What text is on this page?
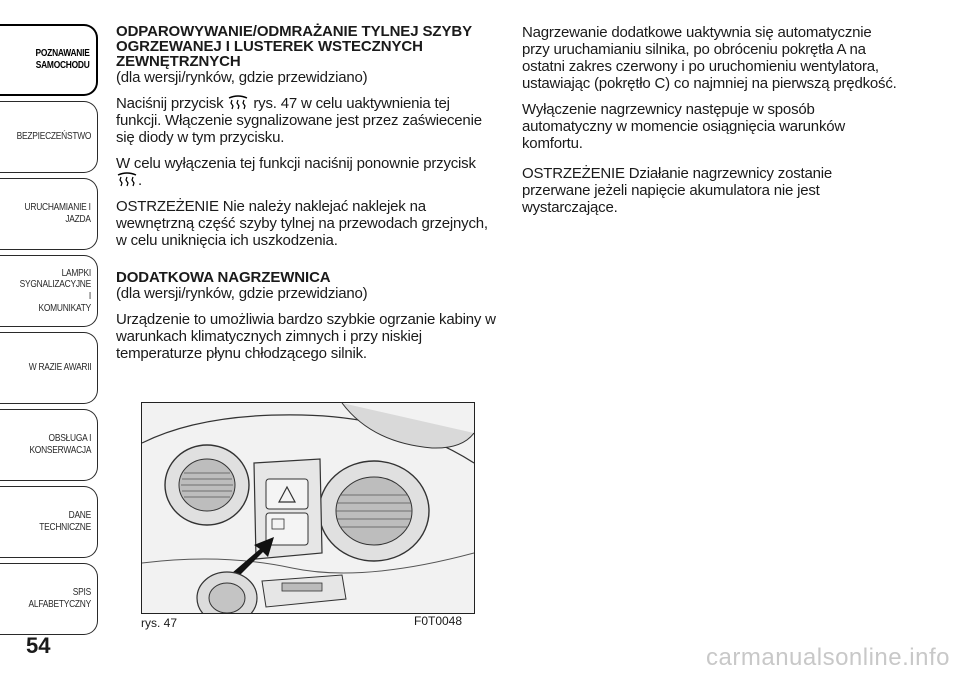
POZNAWANIE
SAMOCHODU
BEZPIECZEŃSTWO
URUCHAMIANIE I
JAZDA
LAMPKI
SYGNALIZACYJNE I
KOMUNIKATY
W RAZIE AWARII
OBSŁUGA I
KONSERWACJA
DANE TECHNICZNE
SPIS ALFABETYCZNY
54
ODPAROWYWANIE/ODMRAŻANIE TYLNEJ SZYBY OGRZEWANEJ I LUSTEREK WSTECZNYCH ZEWNĘTRZNYCH

(dla wersji/rynków, gdzie przewidziano)

Naciśnij przycisk  rys. 47 w celu uaktywnienia tej funkcji. Włączenie sygnalizowane jest przez zaświecenie się diody w tym przycisku.

W celu wyłączenia tej funkcji naciśnij ponownie przycisk .

OSTRZEŻENIE Nie należy naklejać naklejek na wewnętrzną część szyby tylnej na przewodach grzejnych, w celu uniknięcia ich uszkodzenia.

DODATKOWA NAGRZEWNICA

(dla wersji/rynków, gdzie przewidziano)

Urządzenie to umożliwia bardzo szybkie ogrzanie kabiny w warunkach klimatycznych zimnych i przy niskiej temperaturze płynu chłodzącego silnik.

Nagrzewanie dodatkowe uaktywnia się automatycznie przy uruchamianiu silnika, po obróceniu pokrętła A na ostatni zakres czerwony i po uruchomieniu wentylatora, ustawiając (pokrętło C) co najmniej na pierwszą prędkość.

Wyłączenie nagrzewnicy następuje w sposób automatyczny w momencie osiągnięcia warunków komfortu.

OSTRZEŻENIE Działanie nagrzewnicy zostanie przerwane jeżeli napięcie akumulatora nie jest wystarczające.

rys. 47	F0T0048
carmanualsonline.info
